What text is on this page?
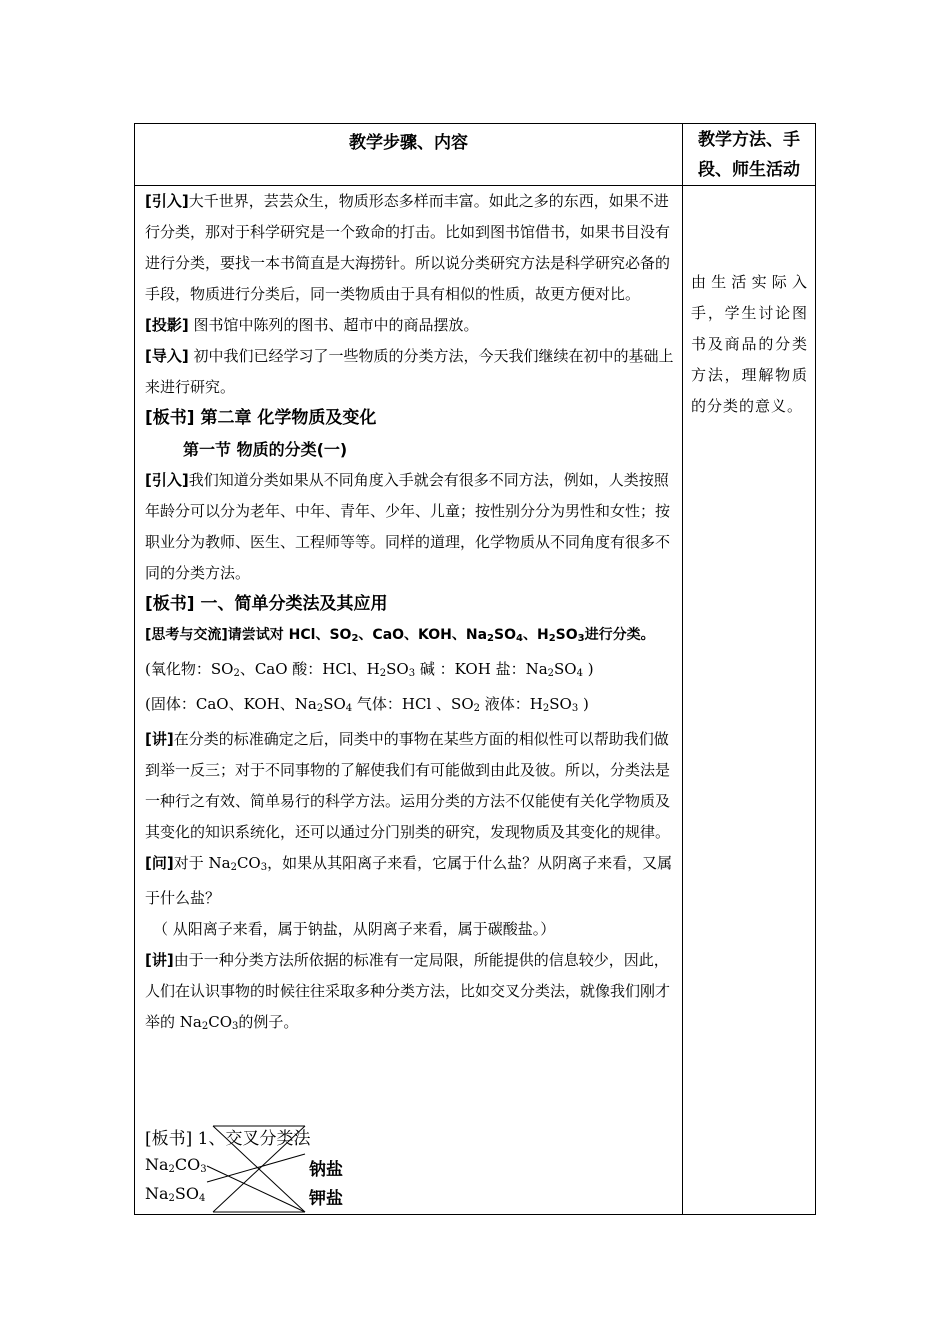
教学步骤、内容	教学方法、手
段、师生活动

[引入]大千世界，芸芸众生，物质形态多样而丰富。如此之多的东西，如果不进行分类，那对于科学研究是一个致命的打击。比如到图书馆借书，如果书目没有进行分类，要找一本书简直是大海捞针。所以说分类研究方法是科学研究必备的手段，物质进行分类后，同一类物质由于具有相似的性质，故更方便对比。

[投影] 图书馆中陈列的图书、超市中的商品摆放。

[导入] 初中我们已经学习了一些物质的分类方法，今天我们继续在初中的基础上来进行研究。

[板书] 第二章 化学物质及变化

第一节 物质的分类(一)

[引入]我们知道分类如果从不同角度入手就会有很多不同方法，例如，人类按照年龄分可以分为老年、中年、青年、少年、儿童；按性别分分为男性和女性；按职业分为教师、医生、工程师等等。同样的道理，化学物质从不同角度有很多不同的分类方法。

[板书] 一、简单分类法及其应用

[思考与交流]请尝试对 HCl、$SO_2$、CaO、KOH、$Na_2SO_4$、$H_2SO_3$进行分类。

(氧化物：$SO_2$、CaO 酸：HCl、$H_2SO_3$ 碱 ：KOH 盐：$Na_2SO_4$ )

(固体：CaO、KOH、$Na_2SO_4$ 气体：HCl 、$SO_2$ 液体：$H_2SO_3$ )

[讲]在分类的标准确定之后，同类中的事物在某些方面的相似性可以帮助我们做到举一反三；对于不同事物的了解使我们有可能做到由此及彼。所以，分类法是一种行之有效、简单易行的科学方法。运用分类的方法不仅能使有关化学物质及其变化的知识系统化，还可以通过分门别类的研究，发现物质及其变化的规律。

[问]对于 $Na_2CO_3$，如果从其阳离子来看，它属于什么盐？从阴离子来看，又属于什么盐？

（ 从阳离子来看，属于钠盐，从阴离子来看，属于碳酸盐。）

[讲]由于一种分类方法所依据的标准有一定局限，所能提供的信息较少，因此，人们在认识事物的时候往往采取多种分类方法，比如交叉分类法，就像我们刚才举的 $Na_2CO_3$的例子。

[板书] 1、交叉分类法
$Na_2CO_3$
$Na_2SO_4$
钠盐
钾盐
由生活实际入手，学生讨论图书及商品的分类方法，理解物质的分类的意义。
